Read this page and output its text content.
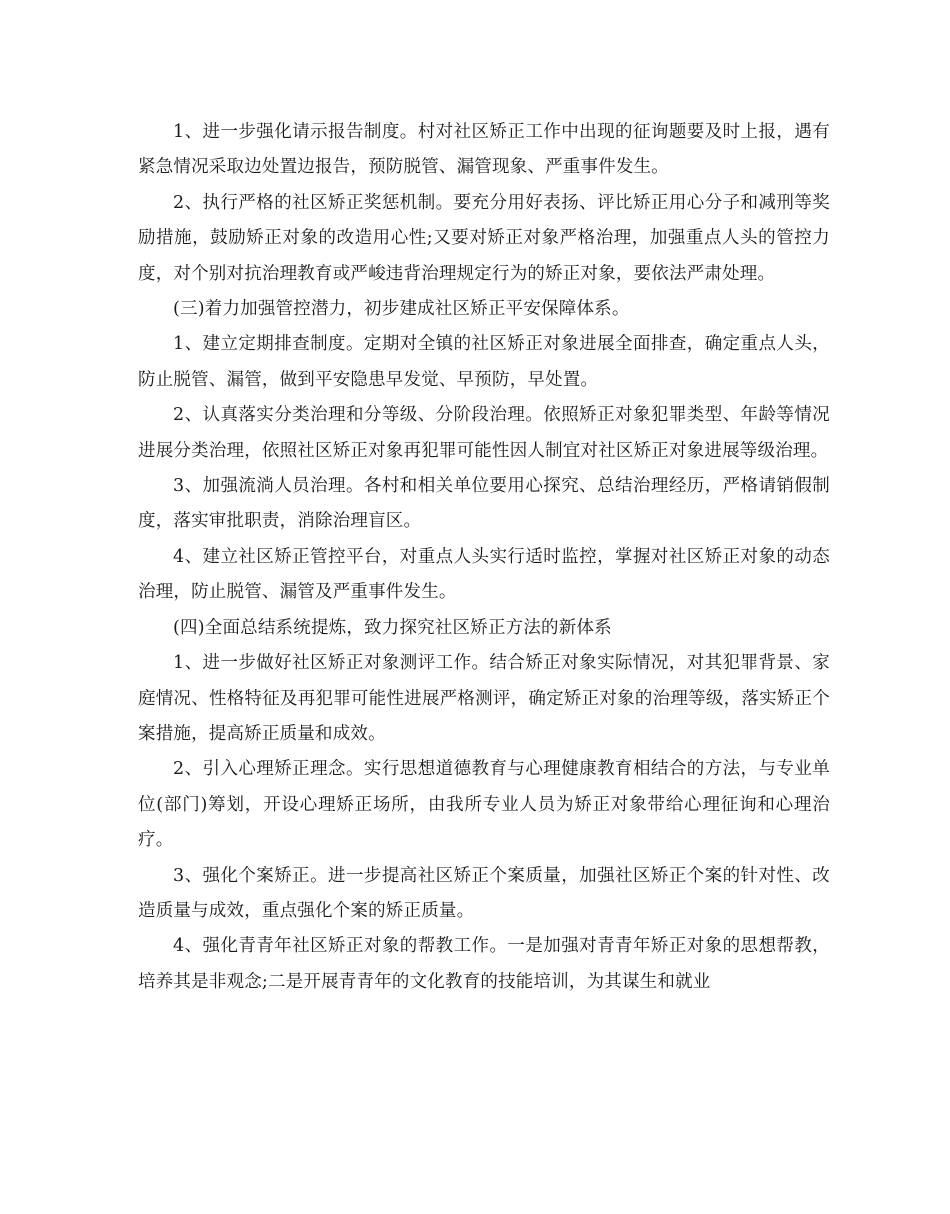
1、进一步强化请示报告制度。村对社区矫正工作中出现的征询题要及时上报，遇有紧急情况采取边处置边报告，预防脱管、漏管现象、严重事件发生。

2、执行严格的社区矫正奖惩机制。要充分用好表扬、评比矫正用心分子和减刑等奖励措施，鼓励矫正对象的改造用心性;又要对矫正对象严格治理，加强重点人头的管控力度，对个别对抗治理教育或严峻违背治理规定行为的矫正对象，要依法严肃处理。

(三)着力加强管控潜力，初步建成社区矫正平安保障体系。

1、建立定期排查制度。定期对全镇的社区矫正对象进展全面排查，确定重点人头，防止脱管、漏管，做到平安隐患早发觉、早预防，早处置。

2、认真落实分类治理和分等级、分阶段治理。依照矫正对象犯罪类型、年龄等情况进展分类治理，依照社区矫正对象再犯罪可能性因人制宜对社区矫正对象进展等级治理。

3、加强流淌人员治理。各村和相关单位要用心探究、总结治理经历，严格请销假制度，落实审批职责，消除治理盲区。

4、建立社区矫正管控平台，对重点人头实行适时监控，掌握对社区矫正对象的动态治理，防止脱管、漏管及严重事件发生。

(四)全面总结系统提炼，致力探究社区矫正方法的新体系

1、进一步做好社区矫正对象测评工作。结合矫正对象实际情况，对其犯罪背景、家庭情况、性格特征及再犯罪可能性进展严格测评，确定矫正对象的治理等级，落实矫正个案措施，提高矫正质量和成效。

2、引入心理矫正理念。实行思想道德教育与心理健康教育相结合的方法，与专业单位(部门)筹划，开设心理矫正场所，由我所专业人员为矫正对象带给心理征询和心理治疗。

3、强化个案矫正。进一步提高社区矫正个案质量，加强社区矫正个案的针对性、改造质量与成效，重点强化个案的矫正质量。

4、强化青青年社区矫正对象的帮教工作。一是加强对青青年矫正对象的思想帮教，培养其是非观念;二是开展青青年的文化教育的技能培训，为其谋生和就业
